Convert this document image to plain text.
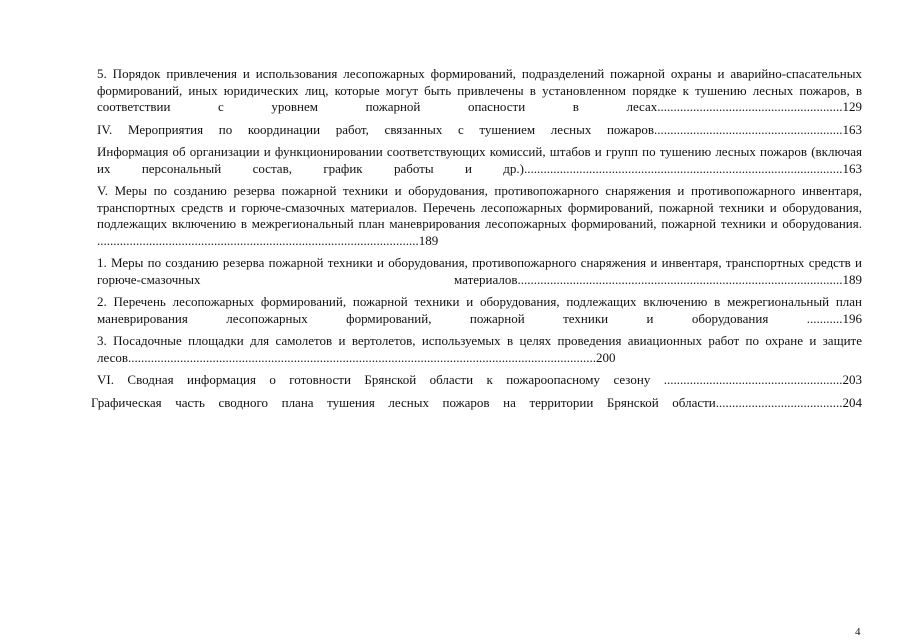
5. Порядок привлечения и использования лесопожарных формирований, подразделений пожарной охраны и аварийно-спасательных формирований, иных юридических лиц, которые могут быть привлечены в установленном порядке к тушению лесных пожаров, в соответствии с уровнем пожарной опасности в лесах.........................................................129

IV. Мероприятия по координации работ, связанных с тушением лесных пожаров..........................................................163

Информация об организации и функционировании соответствующих комиссий, штабов и групп по тушению лесных пожаров (включая их персональный состав, график работы и др.)..................................................................................................163

V. Меры по созданию резерва пожарной техники и оборудования, противопожарного снаряжения и противопожарного инвентаря, транспортных средств и горюче-смазочных материалов. Перечень лесопожарных формирований, пожарной техники и оборудования, подлежащих включению в межрегиональный план маневрирования лесопожарных формирований, пожарной техники и оборудования. ...................................................................................................189

1. Меры по созданию резерва пожарной техники и оборудования, противопожарного снаряжения и инвентаря, транспортных средств и горюче-смазочных материалов....................................................................................................189

2. Перечень лесопожарных формирований, пожарной техники и оборудования, подлежащих включению в межрегиональный план маневрирования лесопожарных формирований, пожарной техники и оборудования ...........196

3. Посадочные площадки для самолетов и вертолетов, используемых в целях проведения авиационных работ по охране и защите лесов................................................................................................................................................200

VI. Сводная информация о готовности Брянской области к пожароопасному сезону .......................................................203

Графическая часть сводного плана тушения лесных пожаров на территории Брянской области.......................................204

4
